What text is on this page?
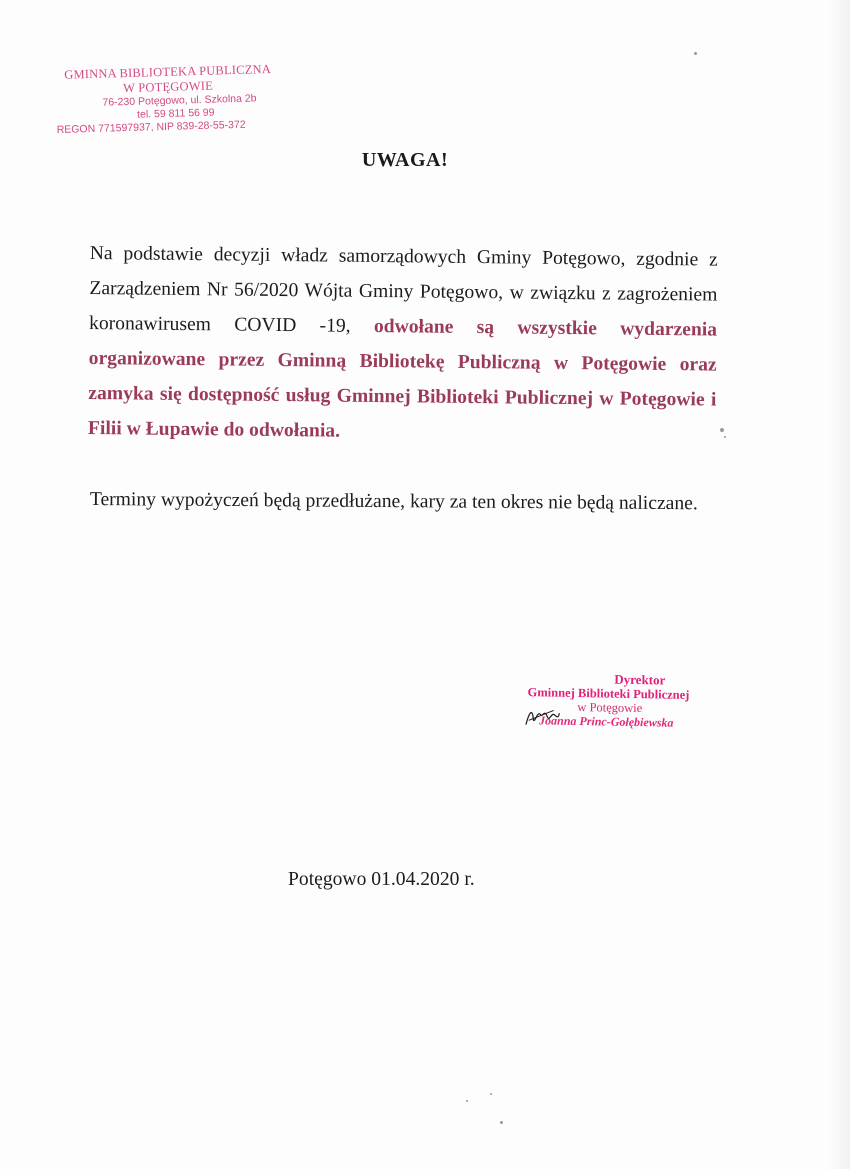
GMINNA BIBLIOTEKA PUBLICZNA
W POTĘGOWIE
76-230 Potęgowo, ul. Szkolna 2b
tel. 59 811 56 99
REGON 771597937, NIP 839-28-55-372
UWAGA!

Na podstawie decyzji władz samorządowych Gminy Potęgowo, zgodnie z Zarządzeniem Nr 56/2020 Wójta Gminy Potęgowo, w związku z zagrożeniem koronawirusem COVID -19, odwołane są wszystkie wydarzenia organizowane przez Gminną Bibliotekę Publiczną w Potęgowie oraz zamyka się dostępność usług Gminnej Biblioteki Publicznej w Potęgowie i Filii w Łupawie do odwołania.

Terminy wypożyczeń będą przedłużane, kary za ten okres nie będą naliczane.

Dyrektor
Gminnej Biblioteki Publicznej
w Potęgowie
Joanna Princ-Gołębiewska
Potęgowo 01.04.2020 r.
